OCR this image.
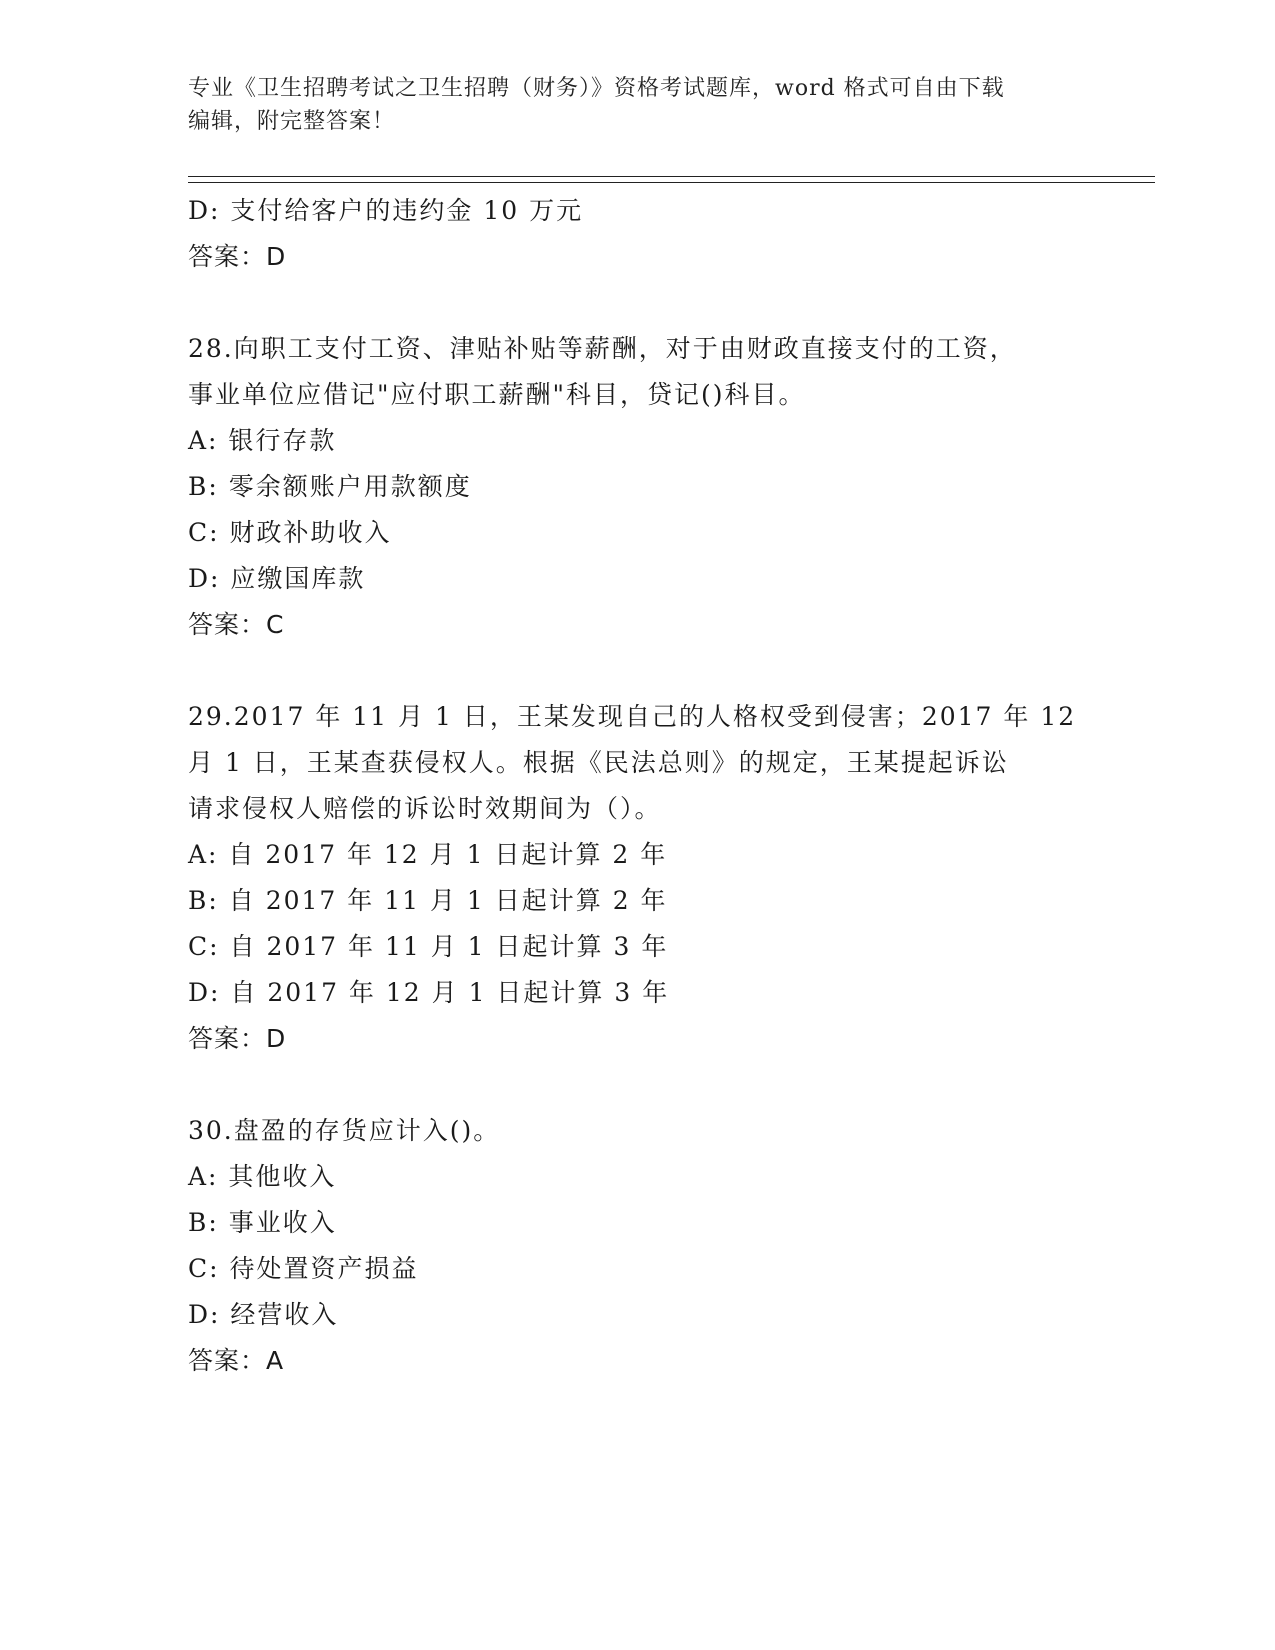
专业《卫生招聘考试之卫生招聘（财务）》资格考试题库，word 格式可自由下载
编辑，附完整答案！
D: 支付给客户的违约金 10 万元
答案：D
28.向职工支付工资、津贴补贴等薪酬，对于由财政直接支付的工资，
事业单位应借记"应付职工薪酬"科目，贷记()科目。
A: 银行存款
B: 零余额账户用款额度
C: 财政补助收入
D: 应缴国库款
答案：C
29.2017 年 11 月 1 日，王某发现自己的人格权受到侵害；2017 年 12
月 1 日，王某查获侵权人。根据《民法总则》的规定，王某提起诉讼
请求侵权人赔偿的诉讼时效期间为（）。
A: 自 2017 年 12 月 1 日起计算 2 年
B: 自 2017 年 11 月 1 日起计算 2 年
C: 自 2017 年 11 月 1 日起计算 3 年
D: 自 2017 年 12 月 1 日起计算 3 年
答案：D
30.盘盈的存货应计入()。
A: 其他收入
B: 事业收入
C: 待处置资产损益
D: 经营收入
答案：A
